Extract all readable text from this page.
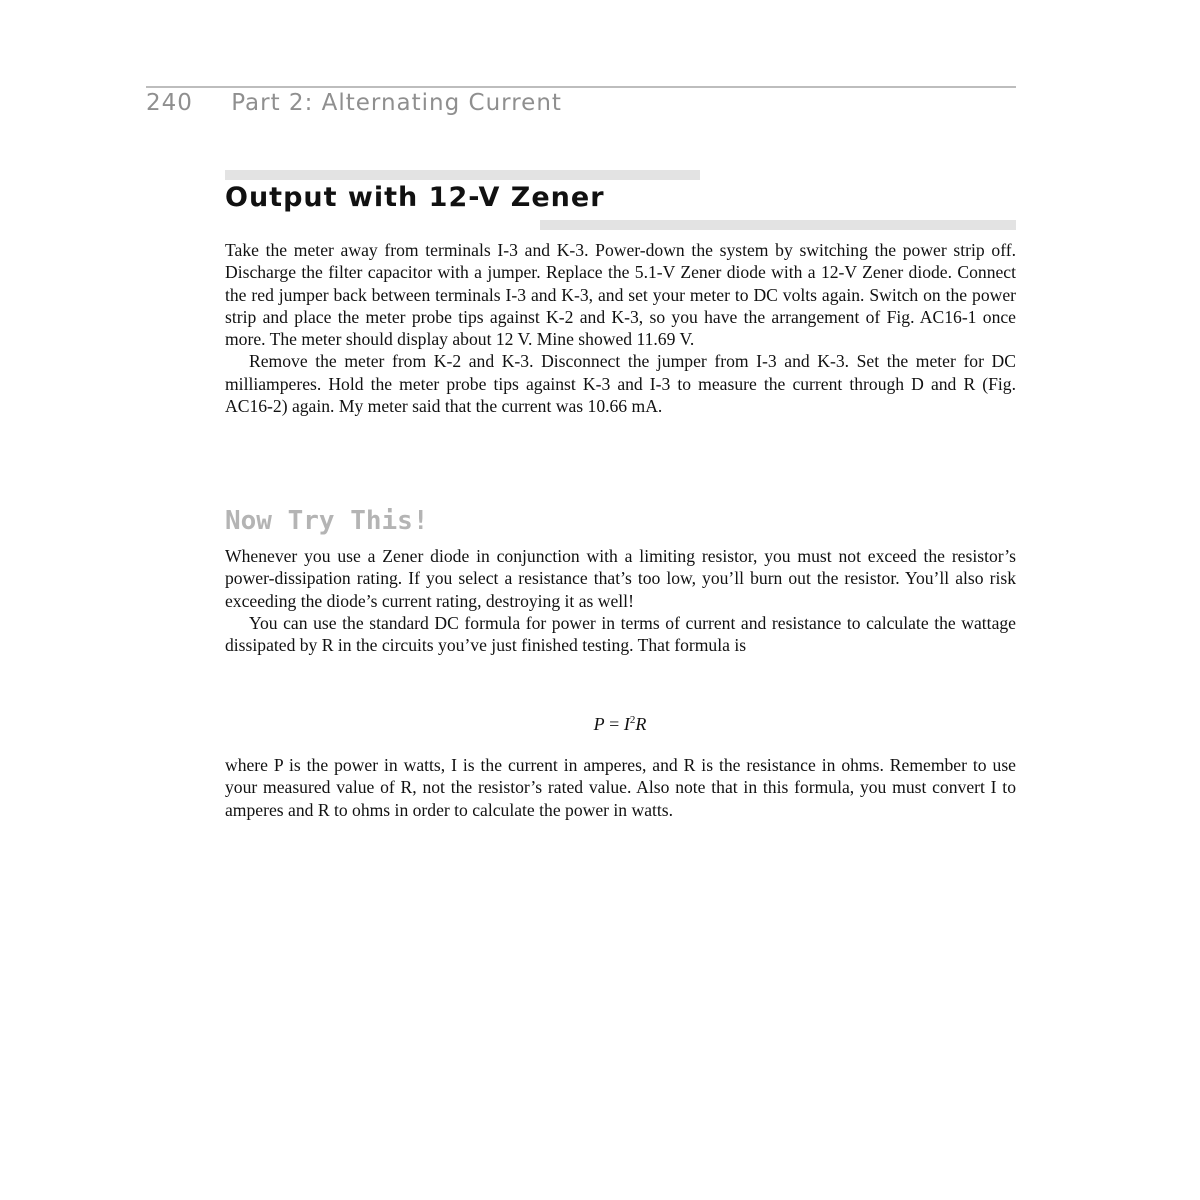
240 Part 2: Alternating Current
Output with 12-V Zener

Take the meter away from terminals I-3 and K-3. Power-down the system by switching the power strip off. Discharge the filter capacitor with a jumper. Replace the 5.1-V Zener diode with a 12-V Zener diode. Connect the red jumper back between terminals I-3 and K-3, and set your meter to DC volts again. Switch on the power strip and place the meter probe tips against K-2 and K-3, so you have the arrangement of Fig. AC16-1 once more. The meter should display about 12 V. Mine showed 11.69 V.

Remove the meter from K-2 and K-3. Disconnect the jumper from I-3 and K-3. Set the meter for DC milliamperes. Hold the meter probe tips against K-3 and I-3 to measure the current through D and R (Fig. AC16-2) again. My meter said that the current was 10.66 mA.

Now Try This!

Whenever you use a Zener diode in conjunction with a limiting resistor, you must not exceed the resistor’s power-dissipation rating. If you select a resistance that’s too low, you’ll burn out the resistor. You’ll also risk exceeding the diode’s current rating, destroying it as well!

You can use the standard DC formula for power in terms of current and resistance to calculate the wattage dissipated by R in the circuits you’ve just finished testing. That formula is

$P = I^2R$

where P is the power in watts, I is the current in amperes, and R is the resistance in ohms. Remember to use your measured value of R, not the resistor’s rated value. Also note that in this formula, you must convert I to amperes and R to ohms in order to calculate the power in watts.
